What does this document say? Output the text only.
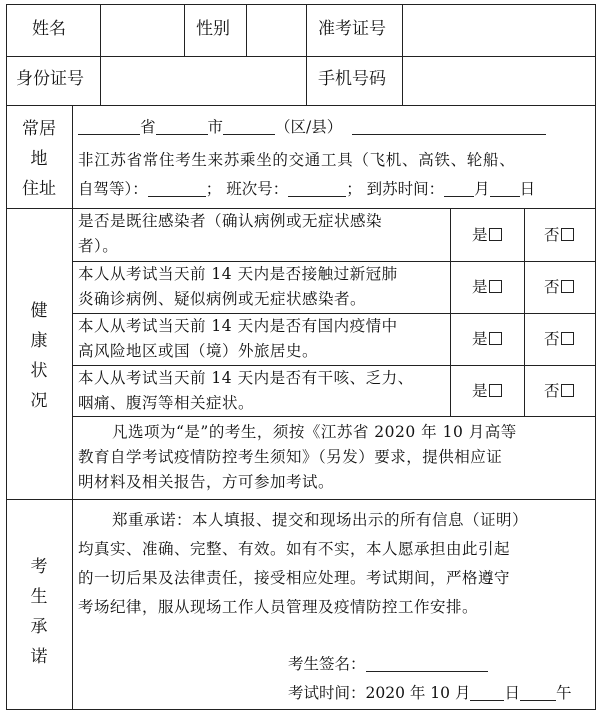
姓名	性别	准考证号
身份证号	手机号码
常居
地
住址
省	市	（区/县）
非江苏省常住考生来苏乘坐的交通工具（飞机、高铁、轮船、
自驾等）：	； 班次号：	； 到苏时间： 月 日
健
康
状
况
是否是既往感染者（确认病例或无症状感染
者）。
是	否
本人从考试当天前 14 天内是否接触过新冠肺
炎确诊病例、疑似病例或无症状感染者。
是	否
本人从考试当天前 14 天内是否有国内疫情中
高风险地区或国（境）外旅居史。
是	否
本人从考试当天前 14 天内是否有干咳、乏力、
咽痛、腹泻等相关症状。
是	否
凡选项为“是”的考生，须按《江苏省 2020 年 10 月高等
教育自学考试疫情防控考生须知》（另发）要求，提供相应证
明材料及相关报告，方可参加考试。
考
生
承
诺
郑重承诺：本人填报、提交和现场出示的所有信息（证明）
均真实、准确、完整、有效。如有不实，本人愿承担由此引起
的一切后果及法律责任，接受相应处理。考试期间，严格遵守
考场纪律，服从现场工作人员管理及疫情防控工作安排。
考生签名：
考试时间：2020 年 10 月 日 午
